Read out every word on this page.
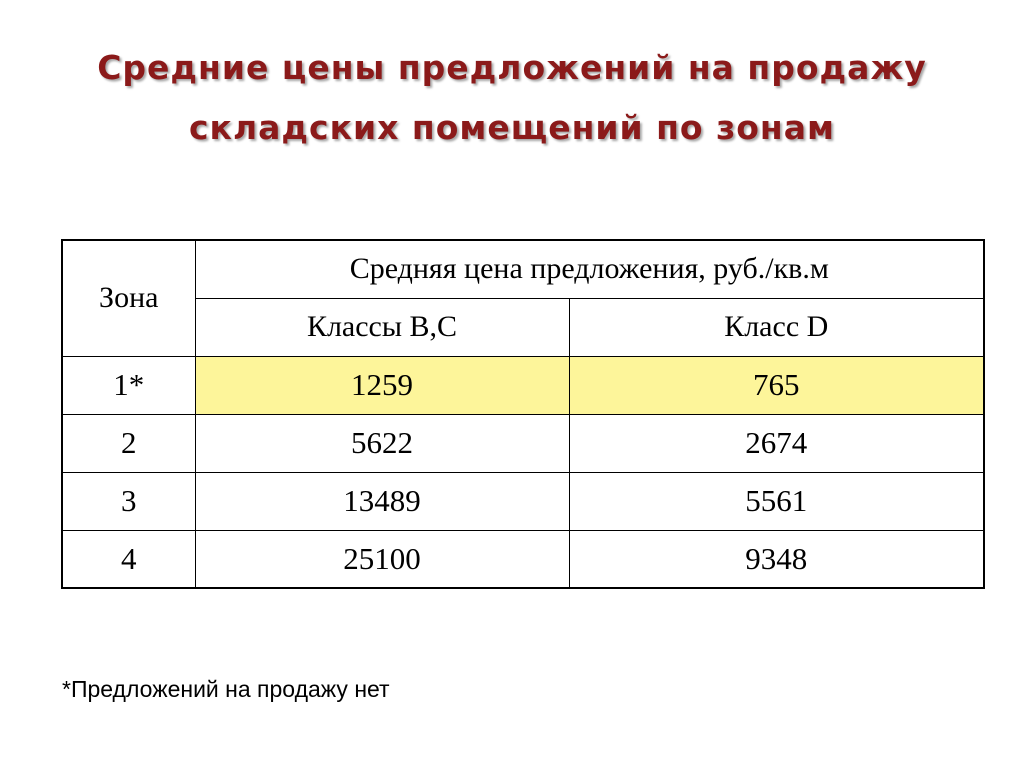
Средние цены предложений на продажу
складских помещений по зонам
Зона	Средняя цена предложения, руб./кв.м	
	Классы В,С	Класс D
1*	1259	765
2	5622	2674
3	13489	5561
4	25100	9348
*Предложений на продажу нет
